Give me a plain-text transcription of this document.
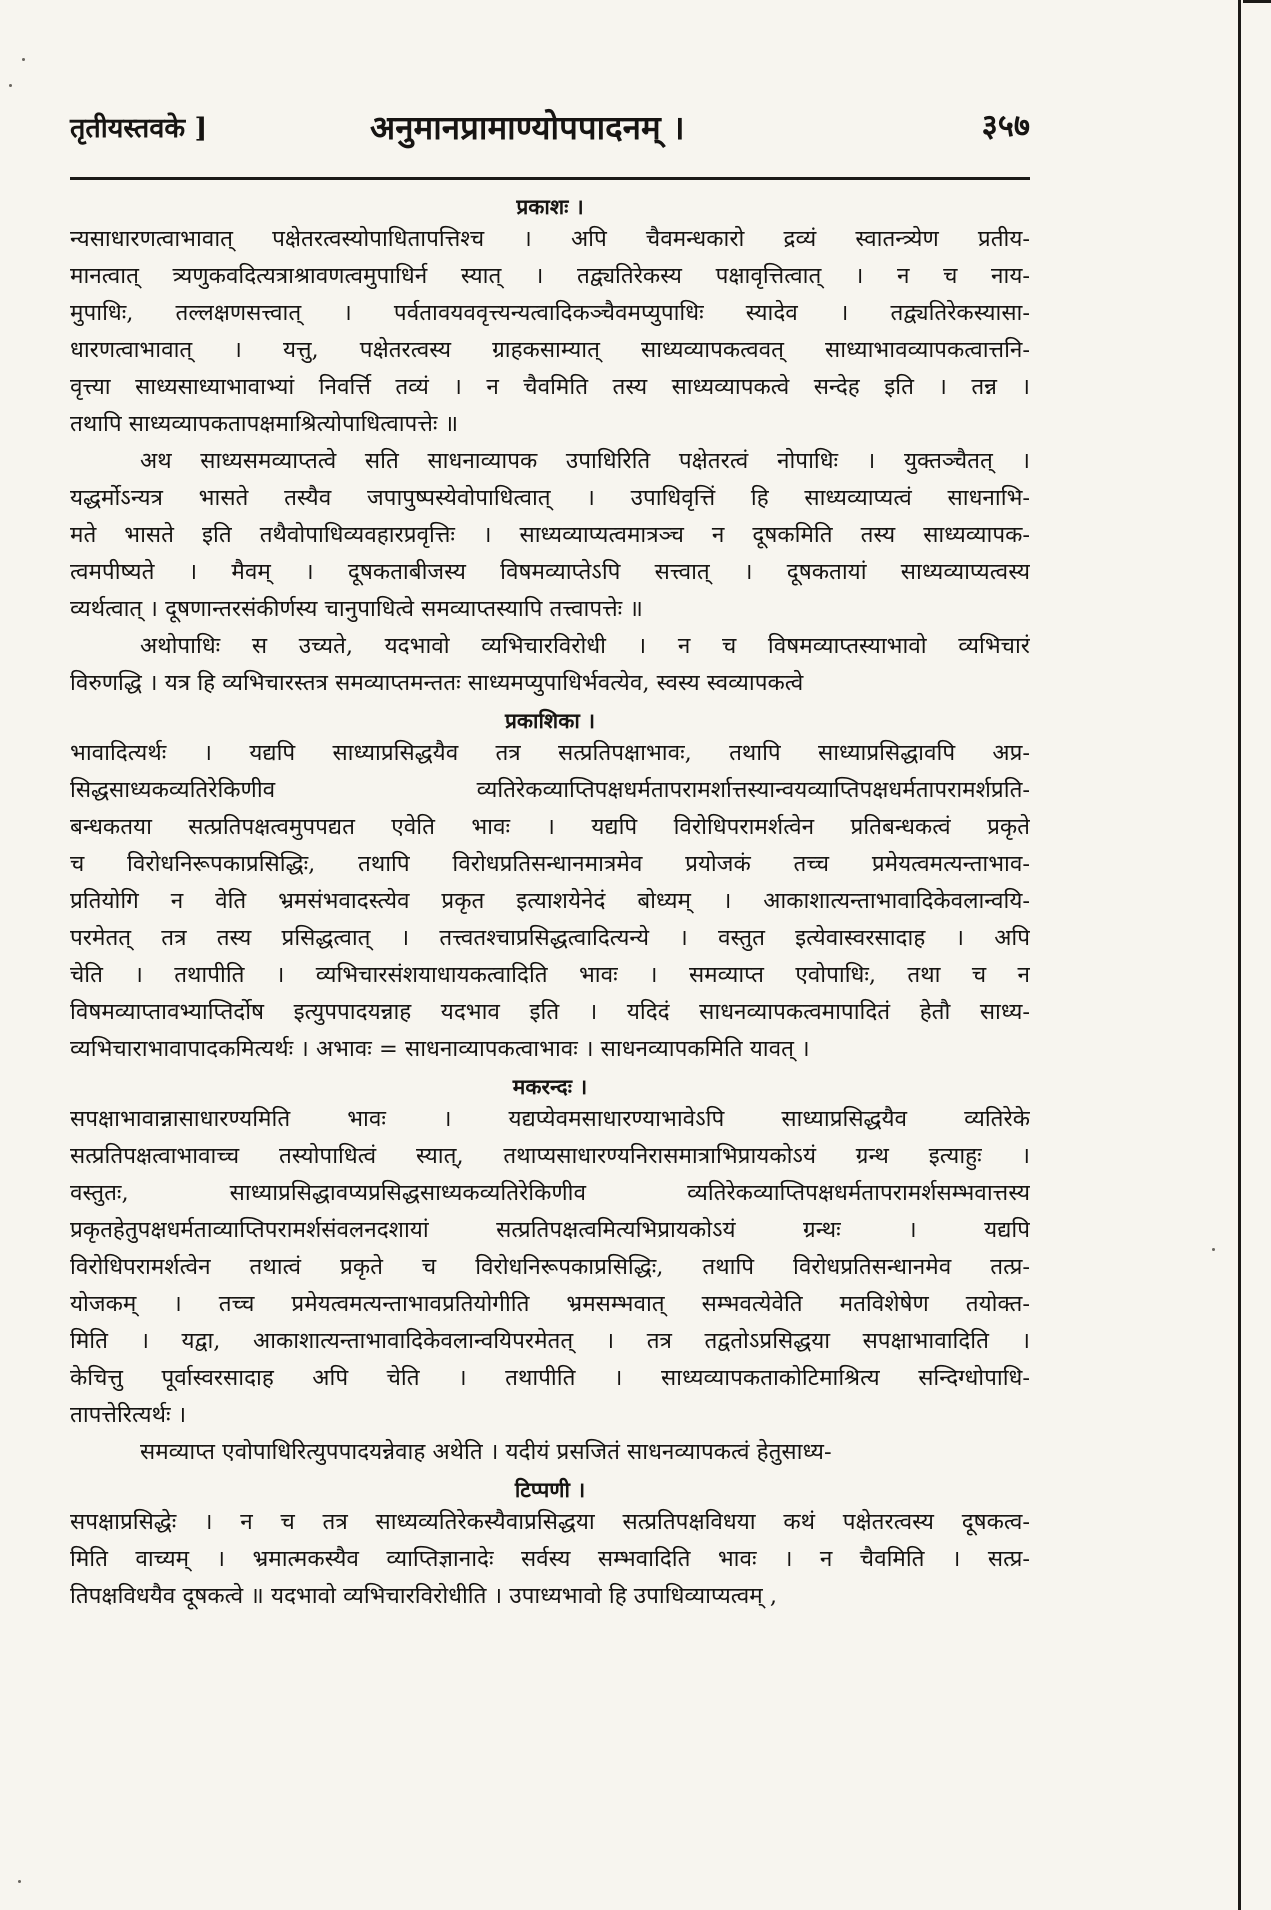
तृतीयस्तवके ]	अनुमानप्रामाण्योपपादनम् ।	३५७
प्रकाशः ।
न्यसाधारणत्वाभावात् पक्षेतरत्वस्योपाधितापत्तिश्च । अपि चैवमन्धकारो द्रव्यं स्वातन्त्र्येण प्रतीय-
मानत्वात् त्र्यणुकवदित्यत्राश्रावणत्वमुपाधिर्न स्यात् । तद्व्यतिरेकस्य पक्षावृत्तित्वात् । न च नाय-
मुपाधिः, तल्लक्षणसत्त्वात् । पर्वतावयववृत्त्यन्यत्वादिकञ्चैवमप्युपाधिः स्यादेव । तद्व्यतिरेकस्यासा-
धारणत्वाभावात् । यत्तु, पक्षेतरत्वस्य ग्राहकसाम्यात् साध्यव्यापकत्ववत् साध्याभावव्यापकत्वात्तनि-
वृत्त्या साध्यसाध्याभावाभ्यां निवर्त्ति तव्यं । न चैवमिति तस्य साध्यव्यापकत्वे सन्देह इति । तन्न ।
तथापि साध्यव्यापकतापक्षमाश्रित्योपाधित्वापत्तेः ॥
अथ साध्यसमव्याप्तत्वे सति साधनाव्यापक उपाधिरिति पक्षेतरत्वं नोपाधिः । युक्तञ्चैतत् ।
यद्धर्मोऽन्यत्र भासते तस्यैव जपापुष्पस्येवोपाधित्वात् । उपाधिवृत्तिं हि साध्यव्याप्यत्वं साधनाभि-
मते भासते इति तथैवोपाधिव्यवहारप्रवृत्तिः । साध्यव्याप्यत्वमात्रञ्च न दूषकमिति तस्य साध्यव्यापक-
त्वमपीष्यते । मैवम् । दूषकताबीजस्य विषमव्याप्तेऽपि सत्त्वात् । दूषकतायां साध्यव्याप्यत्वस्य
व्यर्थत्वात् । दूषणान्तरसंकीर्णस्य चानुपाधित्वे समव्याप्तस्यापि तत्त्वापत्तेः ॥
अथोपाधिः स उच्यते, यदभावो व्यभिचारविरोधी । न च विषमव्याप्तस्याभावो व्यभिचारं
विरुणद्धि । यत्र हि व्यभिचारस्तत्र समव्याप्तमन्ततः साध्यमप्युपाधिर्भवत्येव, स्वस्य स्वव्यापकत्वे
प्रकाशिका ।
भावादित्यर्थः । यद्यपि साध्याप्रसिद्धयैव तत्र सत्प्रतिपक्षाभावः, तथापि साध्याप्रसिद्धावपि अप्र-
सिद्धसाध्यकव्यतिरेकिणीव व्यतिरेकव्याप्तिपक्षधर्मतापरामर्शात्तस्यान्वयव्याप्तिपक्षधर्मतापरामर्शप्रति-
बन्धकतया सत्प्रतिपक्षत्वमुपपद्यत एवेति भावः । यद्यपि विरोधिपरामर्शत्वेन प्रतिबन्धकत्वं प्रकृते
च विरोधनिरूपकाप्रसिद्धिः, तथापि विरोधप्रतिसन्धानमात्रमेव प्रयोजकं तच्च प्रमेयत्वमत्यन्ताभाव-
प्रतियोगि न वेति भ्रमसंभवादस्त्येव प्रकृत इत्याशयेनेदं बोध्यम् । आकाशात्यन्ताभावादिकेवलान्वयि-
परमेतत् तत्र तस्य प्रसिद्धत्वात् । तत्त्वतश्चाप्रसिद्धत्वादित्यन्ये । वस्तुत इत्येवास्वरसादाह । अपि
चेति । तथापीति । व्यभिचारसंशयाधायकत्वादिति भावः । समव्याप्त एवोपाधिः, तथा च न
विषमव्याप्तावभ्याप्तिर्दोष इत्युपपादयन्नाह यदभाव इति । यदिदं साधनव्यापकत्वमापादितं हेतौ साध्य-
व्यभिचाराभावापादकमित्यर्थः । अभावः = साधनाव्यापकत्वाभावः । साधनव्यापकमिति यावत् ।
मकरन्दः ।
सपक्षाभावान्नासाधारण्यमिति भावः । यद्यप्येवमसाधारण्याभावेऽपि साध्याप्रसिद्धयैव व्यतिरेके
सत्प्रतिपक्षत्वाभावाच्च तस्योपाधित्वं स्यात्, तथाप्यसाधारण्यनिरासमात्राभिप्रायकोऽयं ग्रन्थ इत्याहुः ।
वस्तुतः, साध्याप्रसिद्धावप्यप्रसिद्धसाध्यकव्यतिरेकिणीव व्यतिरेकव्याप्तिपक्षधर्मतापरामर्शसम्भवात्तस्य
प्रकृतहेतुपक्षधर्मताव्याप्तिपरामर्शसंवलनदशायां सत्प्रतिपक्षत्वमित्यभिप्रायकोऽयं ग्रन्थः । यद्यपि
विरोधिपरामर्शत्वेन तथात्वं प्रकृते च विरोधनिरूपकाप्रसिद्धिः, तथापि विरोधप्रतिसन्धानमेव तत्प्र-
योजकम् । तच्च प्रमेयत्वमत्यन्ताभावप्रतियोगीति भ्रमसम्भवात् सम्भवत्येवेति मतविशेषेण तयोक्त-
मिति । यद्वा, आकाशात्यन्ताभावादिकेवलान्वयिपरमेतत् । तत्र तद्वतोऽप्रसिद्धया सपक्षाभावादिति ।
केचित्तु पूर्वास्वरसादाह अपि चेति । तथापीति । साध्यव्यापकताकोटिमाश्रित्य सन्दिग्धोपाधि-
तापत्तेरित्यर्थः ।
समव्याप्त एवोपाधिरित्युपपादयन्नेवाह अथेति । यदीयं प्रसजितं साधनव्यापकत्वं हेतुसाध्य-
टिप्पणी ।
सपक्षाप्रसिद्धेः । न च तत्र साध्यव्यतिरेकस्यैवाप्रसिद्धया सत्प्रतिपक्षविधया कथं पक्षेतरत्वस्य दूषकत्व-
मिति वाच्यम् । भ्रमात्मकस्यैव व्याप्तिज्ञानादेः सर्वस्य सम्भवादिति भावः । न चैवमिति । सत्प्र-
तिपक्षविधयैव दूषकत्वे ॥ यदभावो व्यभिचारविरोधीति । उपाध्यभावो हि उपाधिव्याप्यत्वम् ,
